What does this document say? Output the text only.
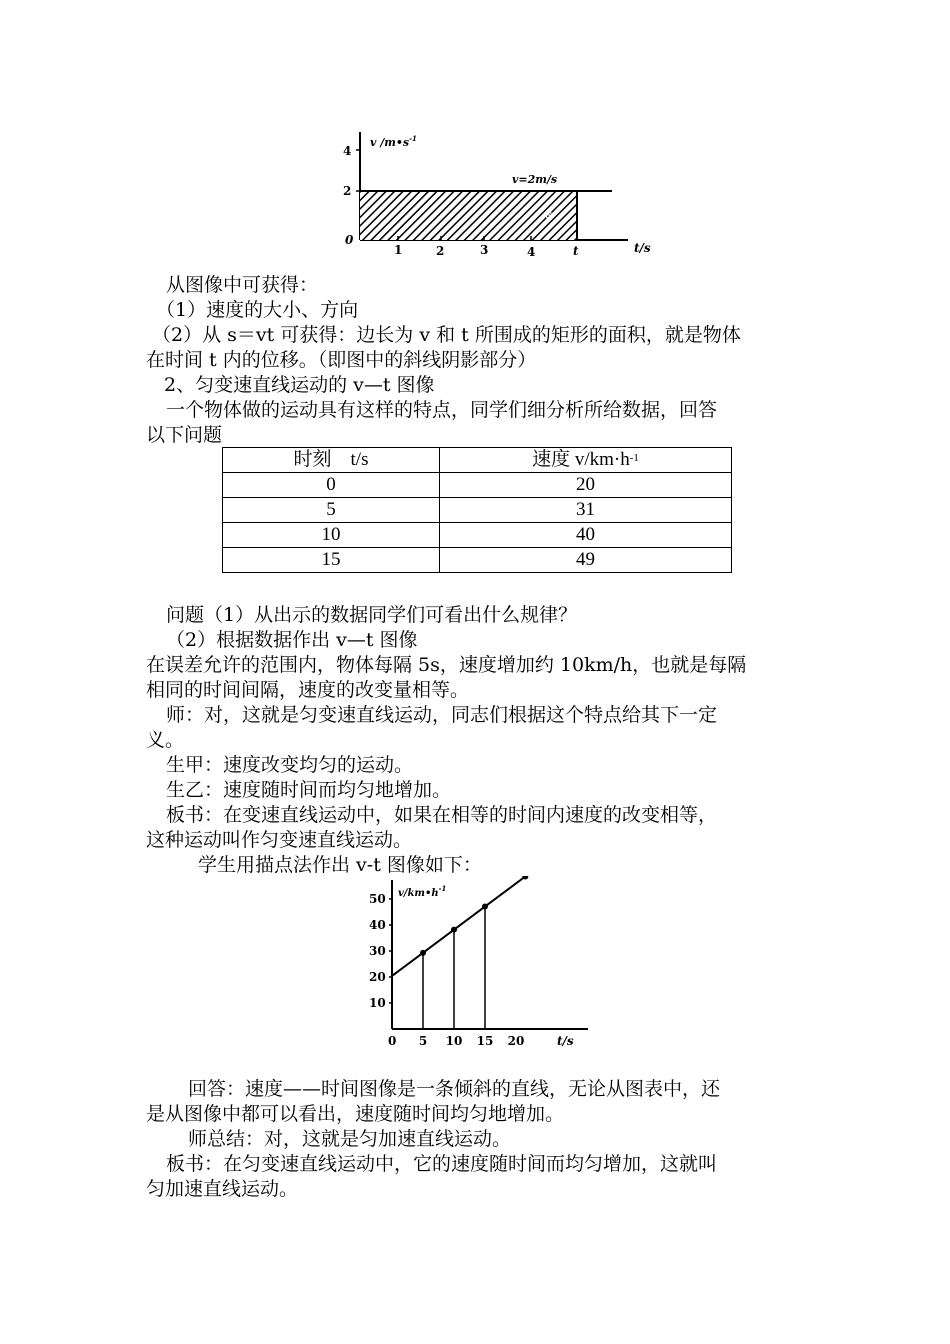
v $/m•s^{-1}$
4
2
0
v=2m/s
s
1	2	3	4	t	t/s
从图像中可获得：
（1）速度的大小、方向
（2）从 s＝vt 可获得：边长为 v 和 t 所围成的矩形的面积，就是物体
在时间 t 内的位移。（即图中的斜线阴影部分）
2、匀变速直线运动的 v—t 图像
一个物体做的运动具有这样的特点，同学们细分析所给数据，回答
以下问题
时刻　t/s	速度 $v/km\cdot h^{-1}$
0	20
5	31
10	40
15	49
问题（1）从出示的数据同学们可看出什么规律？
（2）根据数据作出 v—t 图像
在误差允许的范围内，物体每隔 5s，速度增加约 10km/h，也就是每隔
相同的时间间隔，速度的改变量相等。
师：对，这就是匀变速直线运动，同志们根据这个特点给其下一定
义。
生甲：速度改变均匀的运动。
生乙：速度随时间而均匀地增加。
板书：在变速直线运动中，如果在相等的时间内速度的改变相等，
这种运动叫作匀变速直线运动。
学生用描点法作出 v-t 图像如下：
$v/km•h^{-1}$
t/s
10
20
30
40
50
0 5 10 15 20
回答：速度——时间图像是一条倾斜的直线，无论从图表中，还
是从图像中都可以看出，速度随时间均匀地增加。
师总结：对，这就是匀加速直线运动。
板书：在匀变速直线运动中，它的速度随时间而均匀增加，这就叫
匀加速直线运动。
